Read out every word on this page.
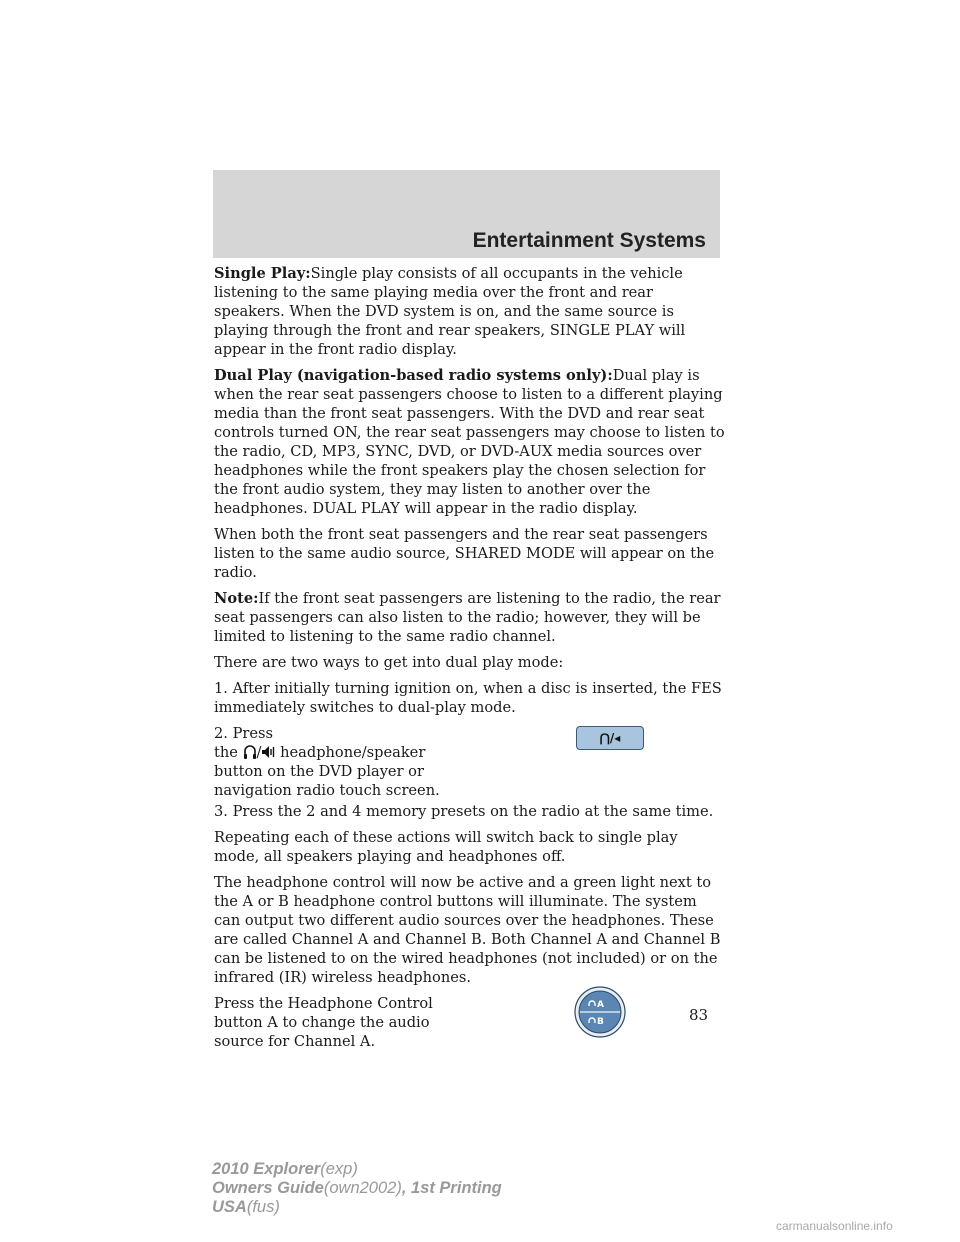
Entertainment Systems

Single Play:Single play consists of all occupants in the vehicle listening to the same playing media over the front and rear speakers. When the DVD system is on, and the same source is playing through the front and rear speakers, SINGLE PLAY will appear in the front radio display.

Dual Play (navigation-based radio systems only):Dual play is when the rear seat passengers choose to listen to a different playing media than the front seat passengers. With the DVD and rear seat controls turned ON, the rear seat passengers may choose to listen to the radio, CD, MP3, SYNC, DVD, or DVD-AUX media sources over headphones while the front speakers play the chosen selection for the front audio system, they may listen to another over the headphones. DUAL PLAY will appear in the radio display.

When both the front seat passengers and the rear seat passengers listen to the same audio source, SHARED MODE will appear on the radio.

Note:If the front seat passengers are listening to the radio, the rear seat passengers can also listen to the radio; however, they will be limited to listening to the same radio channel.

There are two ways to get into dual play mode:

1. After initially turning ignition on, when a disc is inserted, the FES immediately switches to dual-play mode.

2. Press
the / headphone/speaker
button on the DVD player or navigation radio touch screen.
⋂/◂

3. Press the 2 and 4 memory presets on the radio at the same time.

Repeating each of these actions will switch back to single play mode, all speakers playing and headphones off.

The headphone control will now be active and a green light next to the A or B headphone control buttons will illuminate. The system can output two different audio sources over the headphones. These are called Channel A and Channel B. Both Channel A and Channel B can be listened to on the wired headphones (not included) or on the infrared (IR) wireless headphones.

Press the Headphone Control button A to change the audio source for Channel A.
A
B	83
2010 Explorer(exp)
Owners Guide(own2002), 1st Printing
USA(fus)
carmanualsonline.info
